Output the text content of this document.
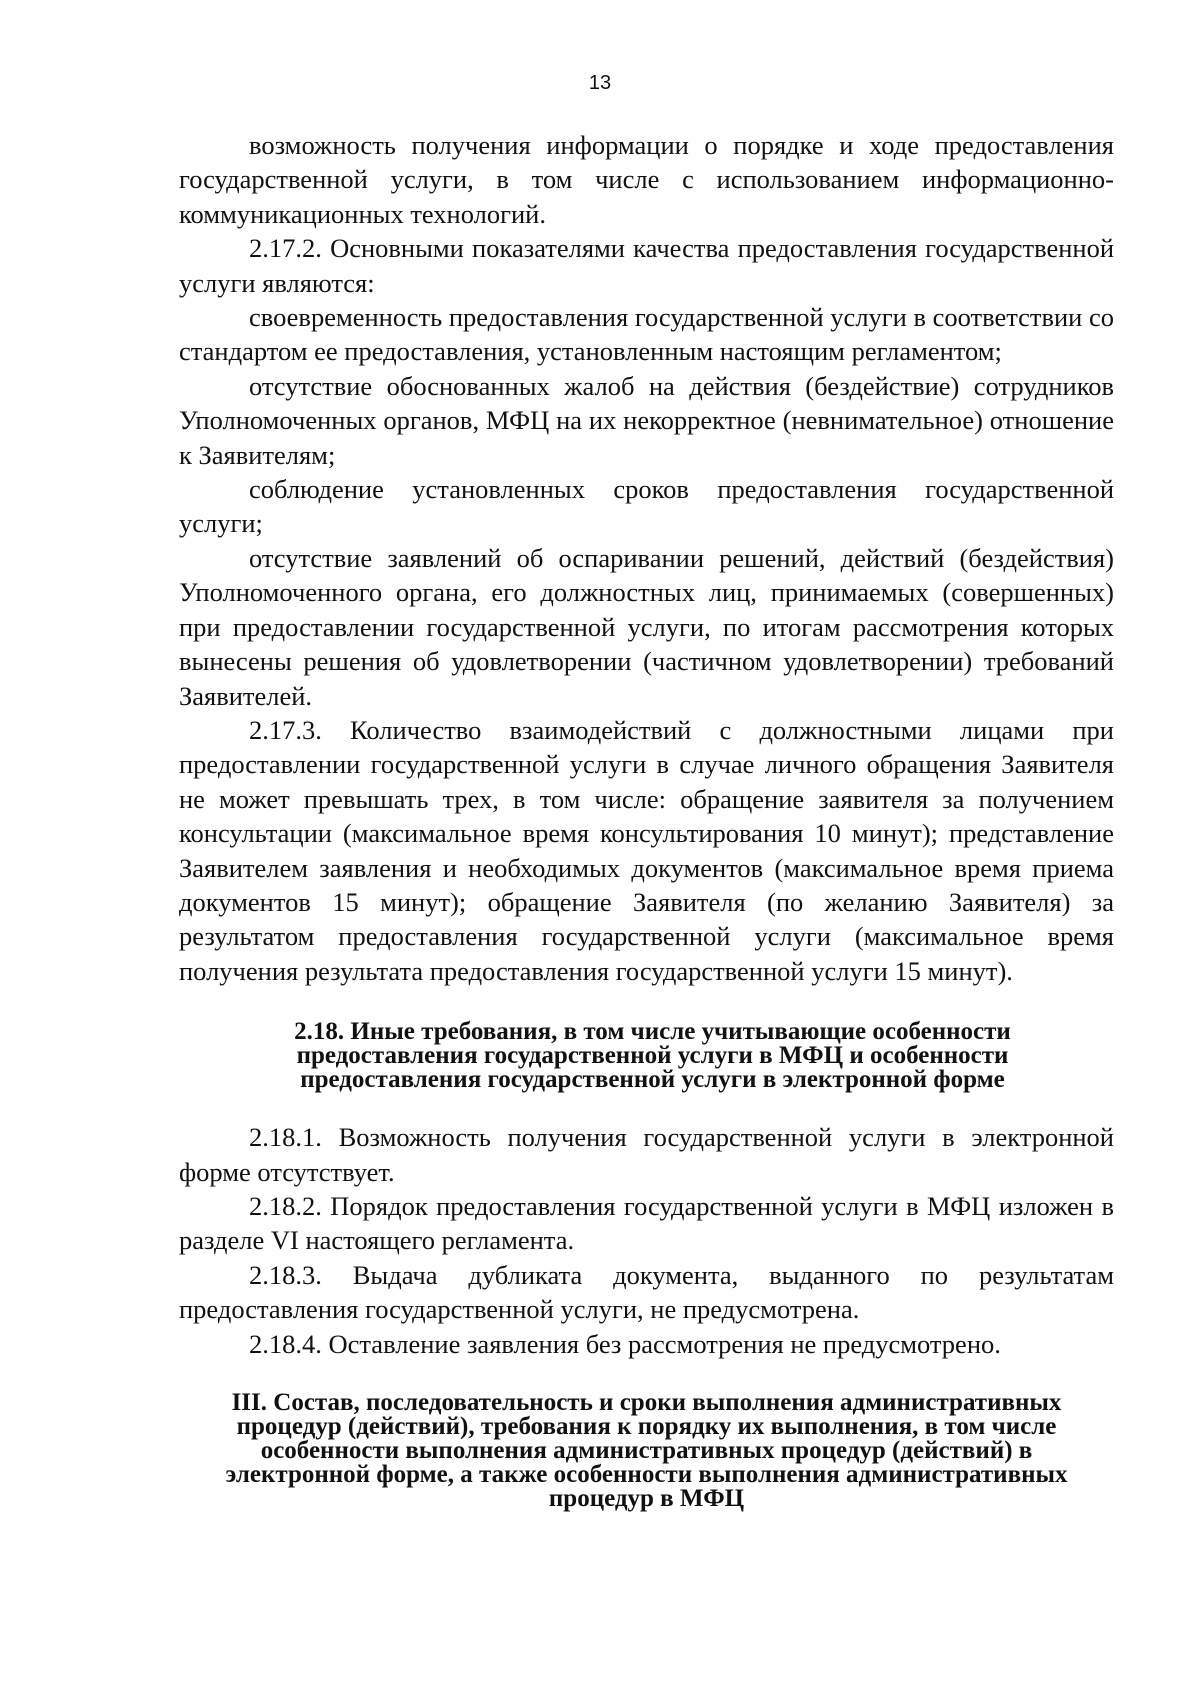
13

возможность получения информации о порядке и ходе предоставления государственной услуги, в том числе с использованием информационно-коммуникационных технологий.

2.17.2. Основными показателями качества предоставления государственной услуги являются:

своевременность предоставления государственной услуги в соответствии со стандартом ее предоставления, установленным настоящим регламентом;

отсутствие обоснованных жалоб на действия (бездействие) сотрудников Уполномоченных органов, МФЦ на их некорректное (невнимательное) отношение к Заявителям;

соблюдение установленных сроков предоставления государственной услуги;

отсутствие заявлений об оспаривании решений, действий (бездействия) Уполномоченного органа, его должностных лиц, принимаемых (совершенных) при предоставлении государственной услуги, по итогам рассмотрения которых вынесены решения об удовлетворении (частичном удовлетворении) требований Заявителей.

2.17.3. Количество взаимодействий с должностными лицами при предоставлении государственной услуги в случае личного обращения Заявителя не может превышать трех, в том числе: обращение заявителя за получением консультации (максимальное время консультирования 10 минут); представление Заявителем заявления и необходимых документов (максимальное время приема документов 15 минут); обращение Заявителя (по желанию Заявителя) за результатом предоставления государственной услуги (максимальное время получения результата предоставления государственной услуги 15 минут).

2.18. Иные требования, в том числе учитывающие особенности предоставления государственной услуги в МФЦ и особенности предоставления государственной услуги в электронной форме

2.18.1. Возможность получения государственной услуги в электронной форме отсутствует.

2.18.2. Порядок предоставления государственной услуги в МФЦ изложен в разделе VI настоящего регламента.

2.18.3. Выдача дубликата документа, выданного по результатам предоставления государственной услуги, не предусмотрена.

2.18.4. Оставление заявления без рассмотрения не предусмотрено.

III. Состав, последовательность и сроки выполнения административных процедур (действий), требования к порядку их выполнения, в том числе особенности выполнения административных процедур (действий) в электронной форме, а также особенности выполнения административных процедур в МФЦ
